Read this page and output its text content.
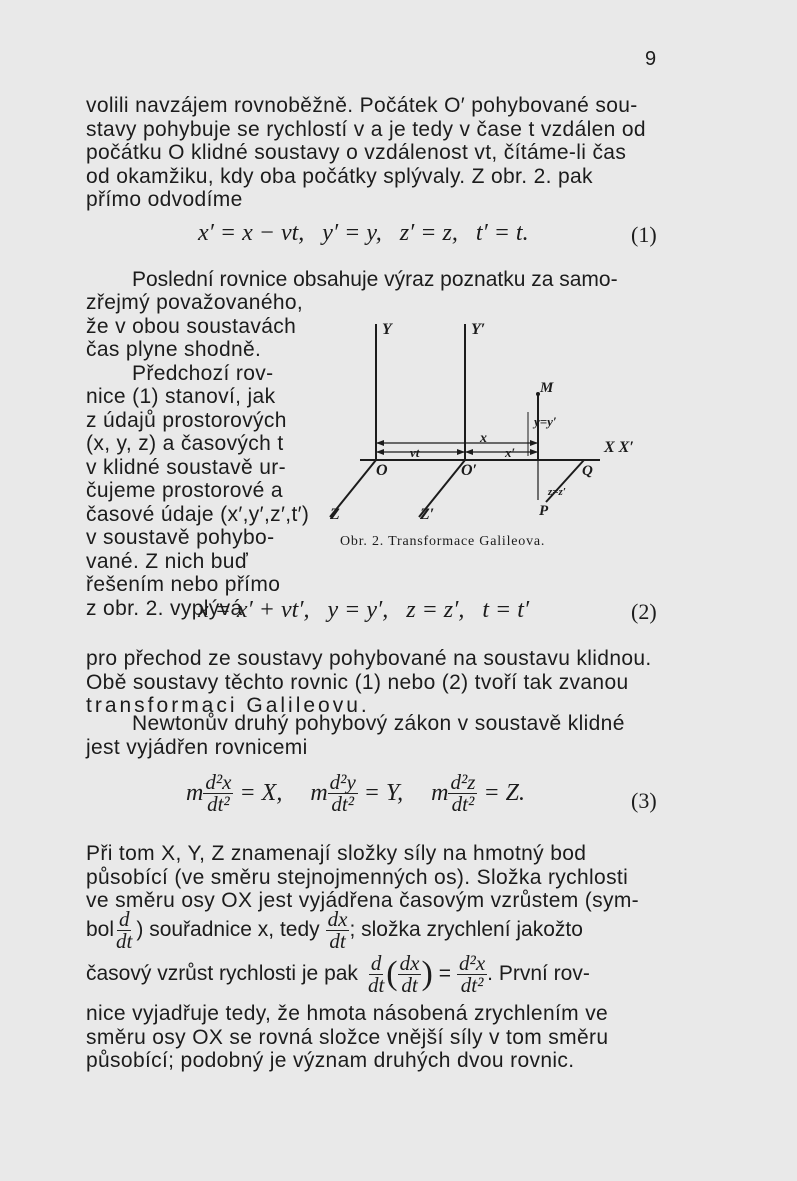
9
volili navzájem rovnoběžně. Počátek O′ pohybované sou-
stavy pohybuje se rychlostí v a je tedy v čase t vzdálen od
počátku O klidné soustavy o vzdálenost vt, čítáme-li čas
od okamžiku, kdy oba počátky splývaly. Z obr. 2. pak
přímo odvodíme
x′ = x − vt,   y′ = y,   z′ = z,   t′ = t.	(1)
Poslední rovnice obsahuje výraz poznatku za samo-
zřejmý považovaného,
že v obou soustavách
čas plyne shodně.
Předchozí rov-
nice (1) stanoví, jak
z údajů prostorových
(x, y, z) a časových t
v klidné soustavě ur-
čujeme prostorové a
časové údaje (x′,y′,z′,t′)
v soustavě pohybo-
vané. Z nich buď
řešením nebo přímo
z obr. 2. vyplývá
Y	Y′
M
y=y′
x
vt	x′	X X′
O	O′	Q
z=z′
P
Z	Z′
Obr. 2. Transformace Galileova.
x = x′ + vt′,   y = y′,   z = z′,   t = t′	(2)
pro přechod ze soustavy pohybované na soustavu klidnou.
Obě soustavy těchto rovnic (1) nebo (2) tvoří tak zvanou
transformaci Galileovu.
Newtonův druhý pohybový zákon v soustavě klidné
jest vyjádřen rovnicemi
m $\frac{\text{d²x}}{\text{dt²}} = X$, m $\frac{\text{d²y}}{\text{dt²}} = Y$, m $\frac{\text{d²z}}{\text{dt²}} = Z$.	(3)
Při tom X, Y, Z znamenají složky síly na hmotný bod
působící (ve směru stejnojmenných os). Složka rychlosti
ve směru osy OX jest vyjádřena časovým vzrůstem (sym-
bol $\frac{d}{dt}$ ) souřadnice x, tedy $\frac{dx}{dt}$ ; složka zrychlení jakožto
časový vzrůst rychlosti je pak $\frac{d}{dt}$ ( $\frac{dx}{dt}$ ) = $\frac{\text{d²x}}{\text{dt²}}$ . První rov-
nice vyjadřuje tedy, že hmota násobená zrychlením ve
směru osy OX se rovná složce vnější síly v tom směru
působící; podobný je význam druhých dvou rovnic.
